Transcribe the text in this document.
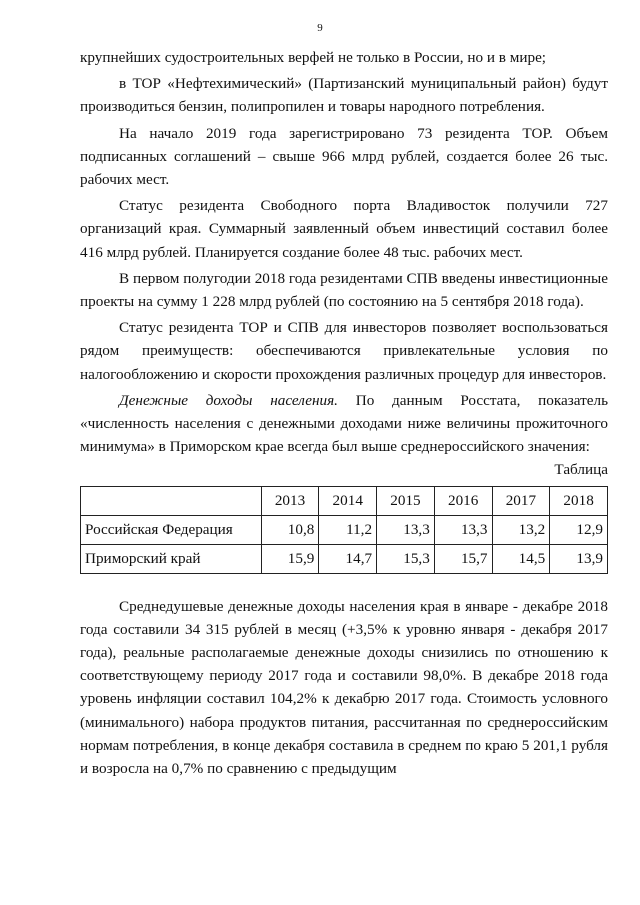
9

крупнейших судостроительных верфей не только в России, но и в мире;

в ТОР «Нефтехимический» (Партизанский муниципальный район) будут производиться бензин, полипропилен и товары народного потребления.

На начало 2019 года зарегистрировано 73 резидента ТОР. Объем подписанных соглашений – свыше 966 млрд рублей, создается более 26 тыс. рабочих мест.

Статус резидента Свободного порта Владивосток получили 727 организаций края. Суммарный заявленный объем инвестиций составил более 416 млрд рублей. Планируется создание более 48 тыс. рабочих мест.

В первом полугодии 2018 года резидентами СПВ введены инвестиционные проекты на сумму 1 228 млрд рублей (по состоянию на 5 сентября 2018 года).

Статус резидента ТОР и СПВ для инвесторов позволяет воспользоваться рядом преимуществ: обеспечиваются привлекательные условия по налогообложению и скорости прохождения различных процедур для инвесторов.

Денежные доходы населения. По данным Росстата, показатель «численность населения с денежными доходами ниже величины прожиточного минимума» в Приморском крае всегда был выше среднероссийского значения:

Таблица

	2013	2014	2015	2016	2017	2018
Российская Федерация	10,8	11,2	13,3	13,3	13,2	12,9
Приморский край	15,9	14,7	15,3	15,7	14,5	13,9

Среднедушевые денежные доходы населения края в январе - декабре 2018 года составили 34 315 рублей в месяц (+3,5% к уровню января - декабря 2017 года), реальные располагаемые денежные доходы снизились по отношению к соответствующему периоду 2017 года и составили 98,0%. В декабре 2018 года уровень инфляции составил 104,2% к декабрю 2017 года. Стоимость условного (минимального) набора продуктов питания, рассчитанная по среднероссийским нормам потребления, в конце декабря составила в среднем по краю 5 201,1 рубля и возросла на 0,7% по сравнению с предыдущим
